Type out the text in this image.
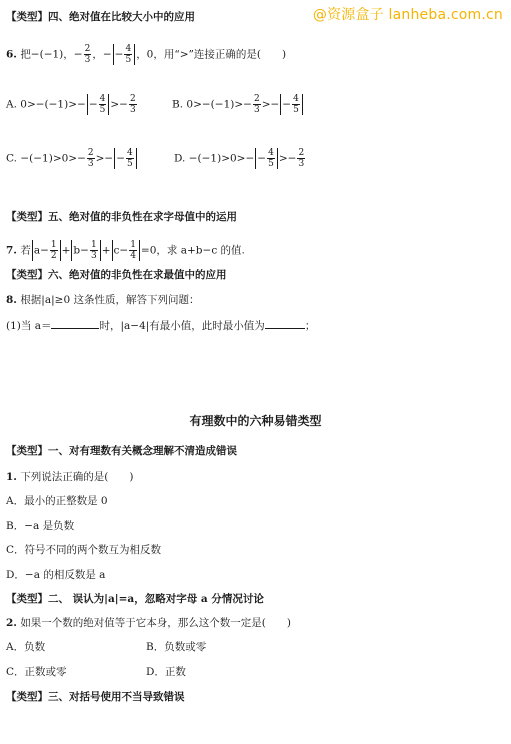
@资源盒子 lanheba.com.cn
【类型】四、绝对值在比较大小中的应用
6. 把−(−1)，− $\frac{2}{3}$ ，− − $\frac{4}{5}$ ，0，用“>”连接正确的是(　　)
A. $0>-(-1)>- - \frac{4}{5} >- \frac{2}{3}$	B. $0>-(-1)>- \frac{2}{3}$ >− − $\frac{4}{5}$
C. $-(-1)>0>- \frac{2}{3}$ >− − $\frac{4}{5}$	D. $-(-1)>0>- - \frac{4}{5} >- \frac{2}{3}$
【类型】五、绝对值的非负性在求字母值中的运用
7. 若 $a- \frac{1}{2} + b- \frac{1}{3} + c- \frac{1}{4} =0$，求 a+b−c 的值.
【类型】六、绝对值的非负性在求最值中的应用
8. 根据|a|≥0 这条性质，解答下列问题：
(1)当 a＝	时，|a−4|有最小值，此时最小值为	；
有理数中的六种易错类型
【类型】一、对有理数有关概念理解不清造成错误
1. 下列说法正确的是(　　)
A．最小的正整数是 0
B．−a 是负数
C．符号不同的两个数互为相反数
D．−a 的相反数是 a
【类型】二、 误认为|a|=a，忽略对字母 a 分情况讨论
2. 如果一个数的绝对值等于它本身，那么这个数一定是(　　)
A．负数	B．负数或零
C．正数或零	D．正数
【类型】三、对括号使用不当导致错误
